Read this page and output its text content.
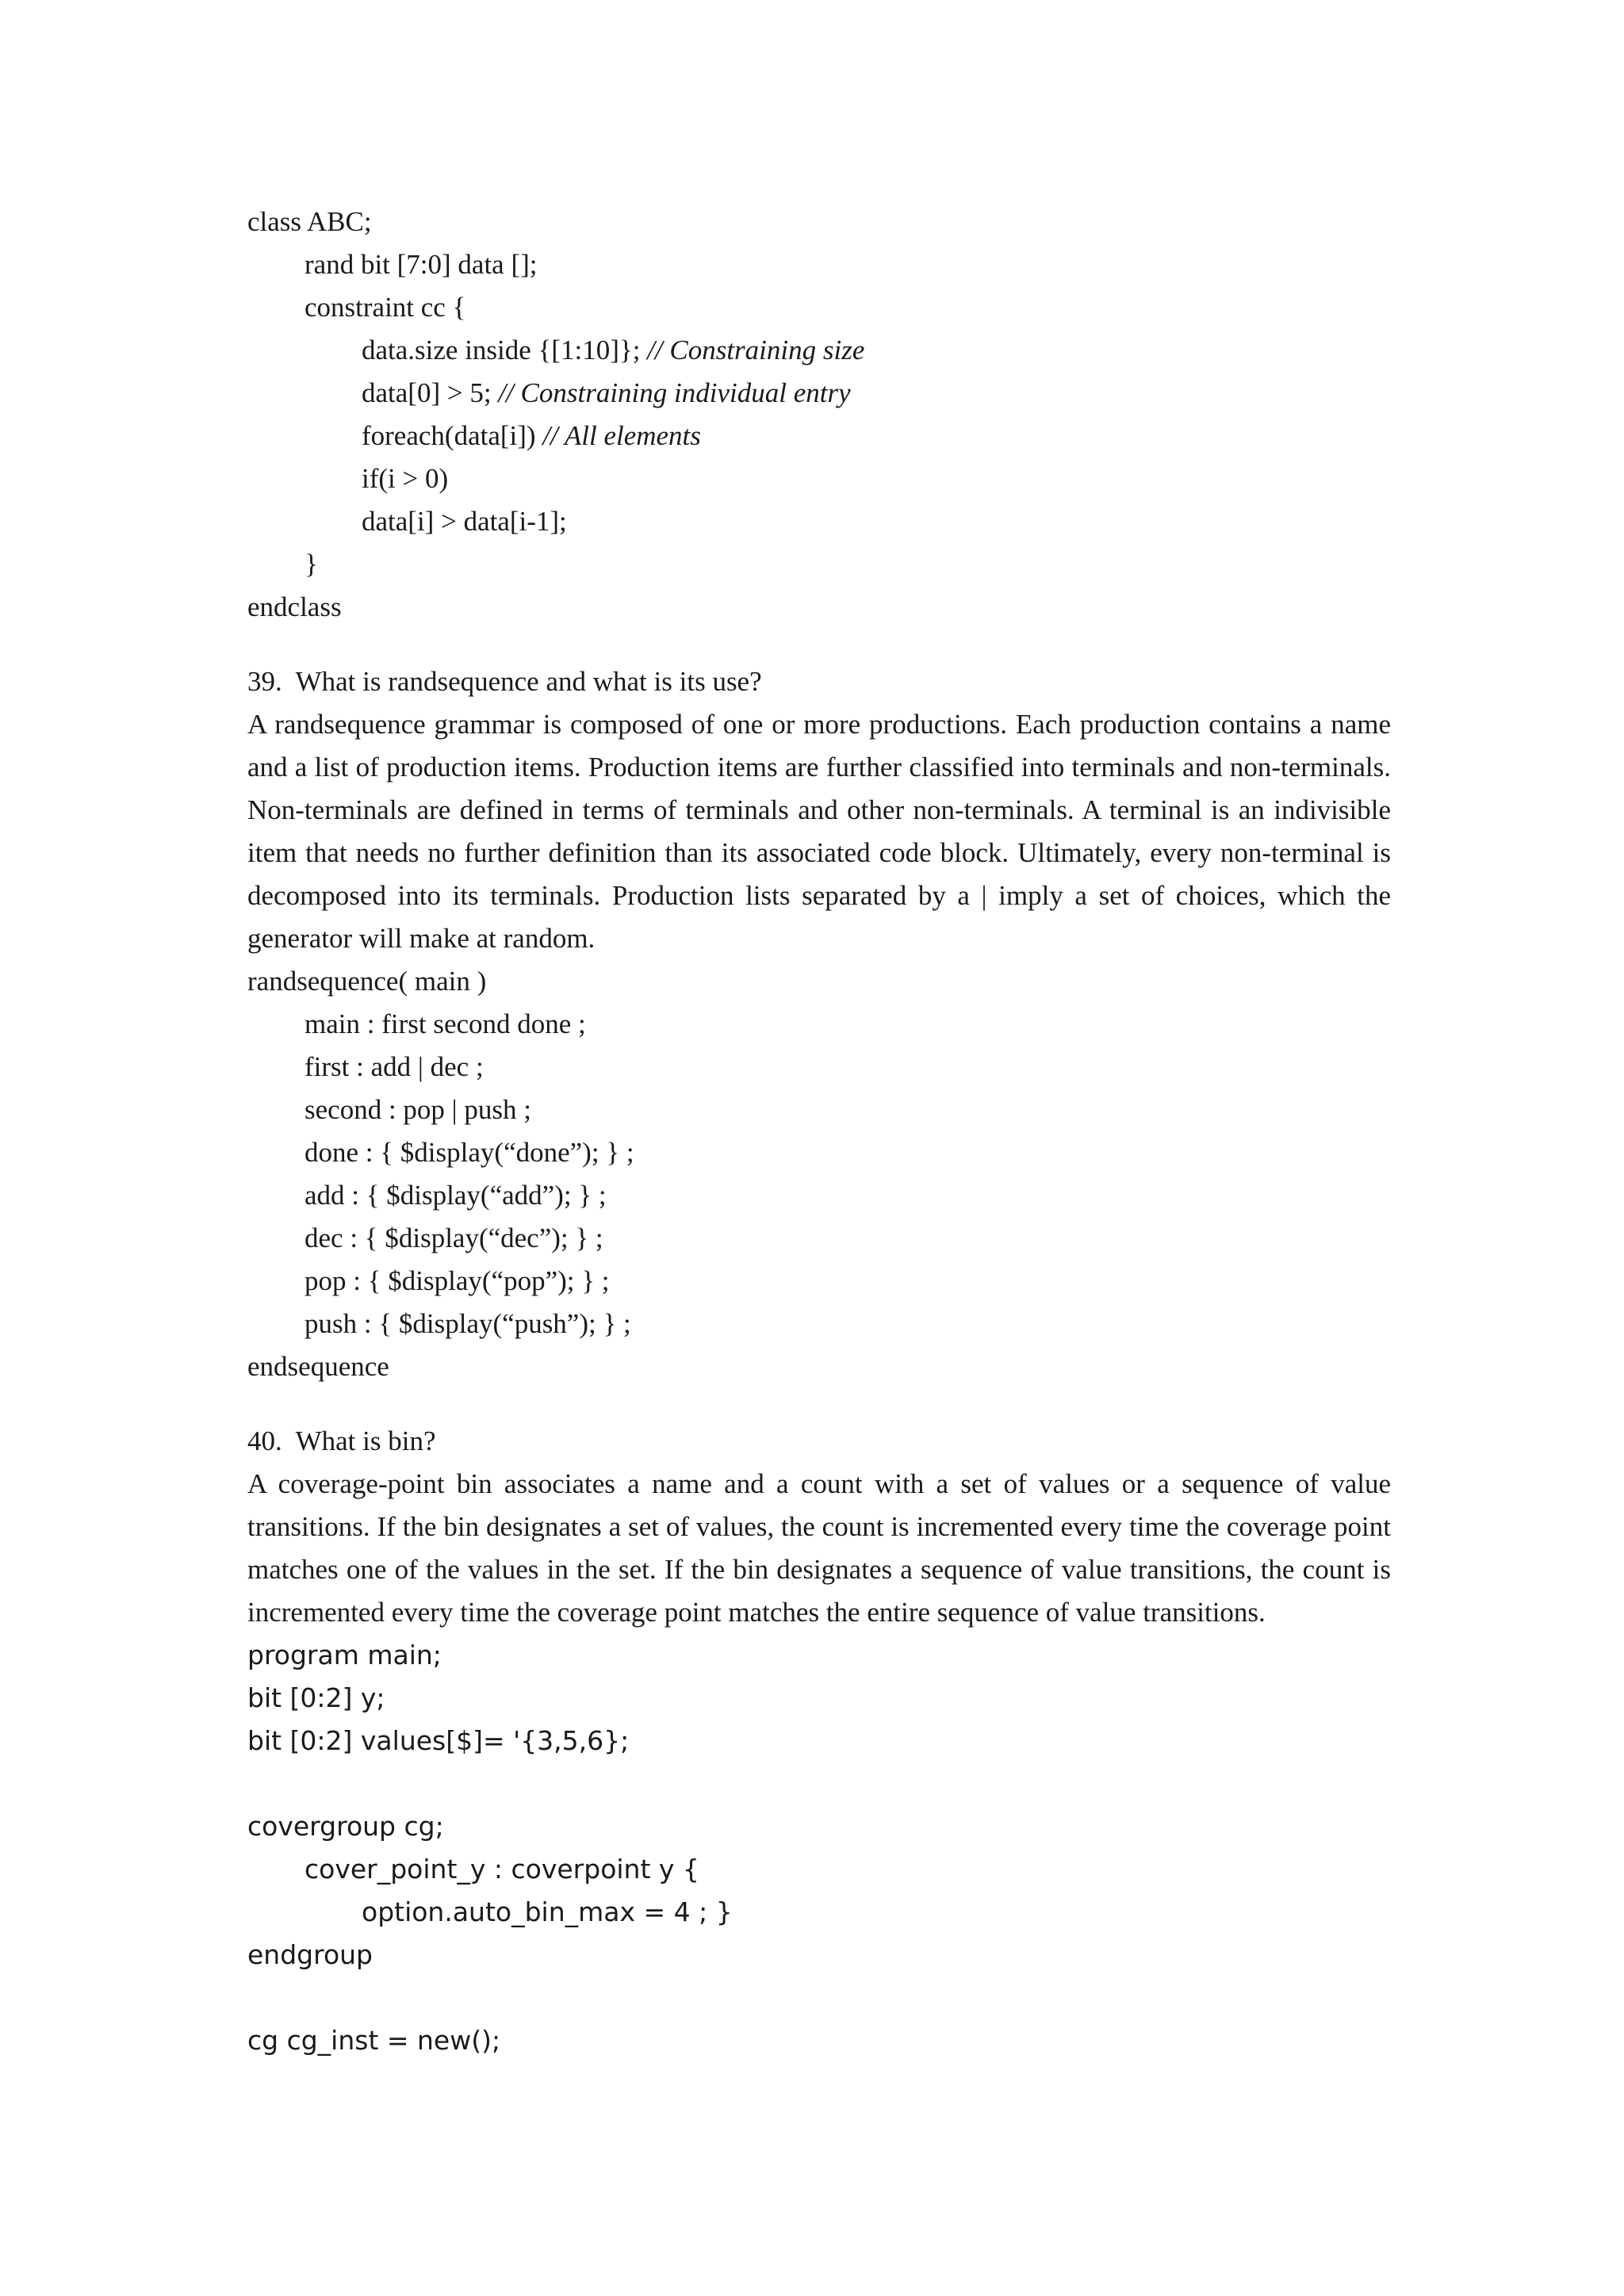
class ABC;
rand bit [7:0] data [];
constraint cc {
data.size inside {[1:10]}; // Constraining size
data[0] > 5; // Constraining individual entry
foreach(data[i]) // All elements
if(i > 0)
data[i] > data[i-1];
}
endclass
39.  What is randsequence and what is its use?

A randsequence grammar is composed of one or more productions. Each production contains a name and a list of production items. Production items are further classified into terminals and non-terminals. Non-terminals are defined in terms of terminals and other non-terminals. A terminal is an indivisible item that needs no further definition than its associated code block. Ultimately, every non-terminal is decomposed into its terminals. Production lists separated by a | imply a set of choices, which the generator will make at random.

randsequence( main )
main : first second done ;
first : add | dec ;
second : pop | push ;
done : { $display(“done”); } ;
add : { $display(“add”); } ;
dec : { $display(“dec”); } ;
pop : { $display(“pop”); } ;
push : { $display(“push”); } ;
endsequence
40.  What is bin?

A coverage-point bin associates a name and a count with a set of values or a sequence of value transitions. If the bin designates a set of values, the count is incremented every time the coverage point matches one of the values in the set. If the bin designates a sequence of value transitions, the count is incremented every time the coverage point matches the entire sequence of value transitions.

program main;
bit [0:2] y;
bit [0:2] values[$]= '{3,5,6};
covergroup cg;
cover_point_y : coverpoint y {
option.auto_bin_max = 4 ; }
endgroup
cg cg_inst = new();
